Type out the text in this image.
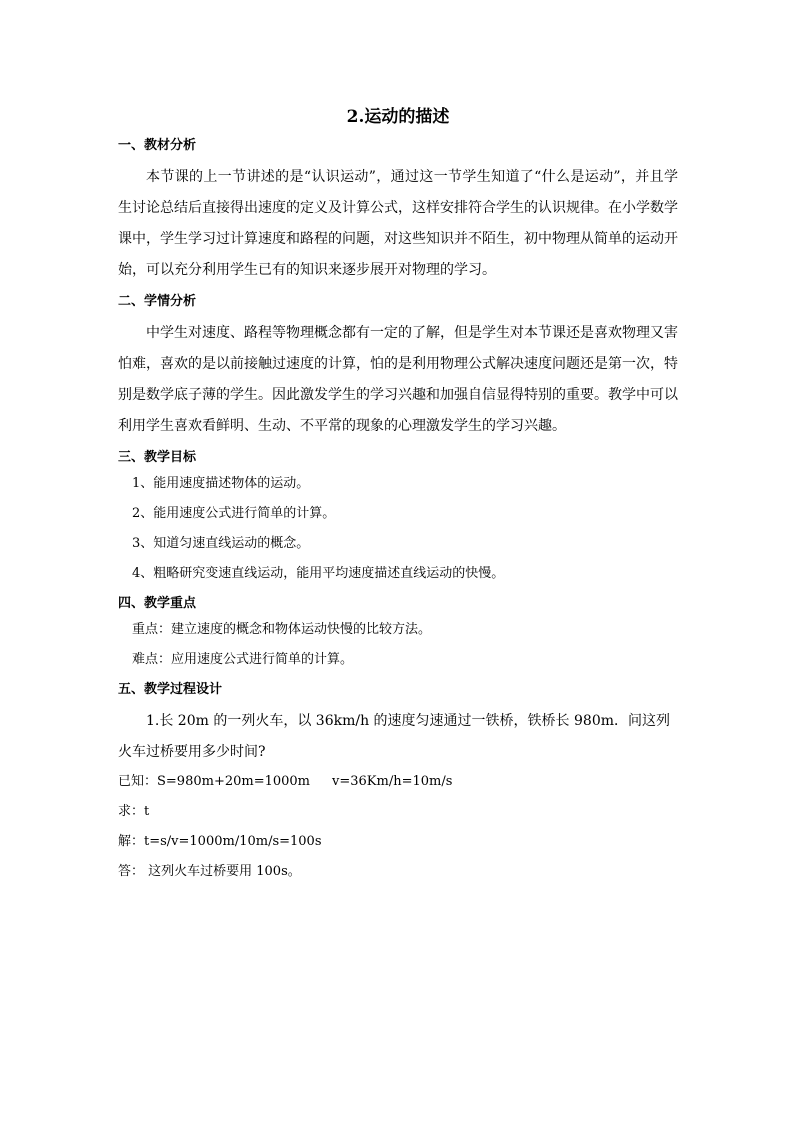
2.运动的描述
一、教材分析

本节课的上一节讲述的是“认识运动”，通过这一节学生知道了“什么是运动”，并且学生讨论总结后直接得出速度的定义及计算公式，这样安排符合学生的认识规律。在小学数学课中，学生学习过计算速度和路程的问题，对这些知识并不陌生，初中物理从简单的运动开始，可以充分利用学生已有的知识来逐步展开对物理的学习。

二、学情分析

中学生对速度、路程等物理概念都有一定的了解，但是学生对本节课还是喜欢物理又害怕难，喜欢的是以前接触过速度的计算，怕的是利用物理公式解决速度问题还是第一次，特别是数学底子薄的学生。因此激发学生的学习兴趣和加强自信显得特别的重要。教学中可以利用学生喜欢看鲜明、生动、不平常的现象的心理激发学生的学习兴趣。

三、教学目标
1、能用速度描述物体的运动。
2、能用速度公式进行简单的计算。
3、知道匀速直线运动的概念。
4、粗略研究变速直线运动，能用平均速度描述直线运动的快慢。
四、教学重点
重点：建立速度的概念和物体运动快慢的比较方法。
难点：应用速度公式进行简单的计算。
五、教学过程设计

1.长 20m 的一列火车，以 36km/h 的速度匀速通过一铁桥，铁桥长 980m．问这列火车过桥要用多少时间?

已知：S=980m+20m=1000m v=36Km/h=10m/s
求：t
解：t=s/v=1000m/10m/s=100s
答： 这列火车过桥要用 100s。
